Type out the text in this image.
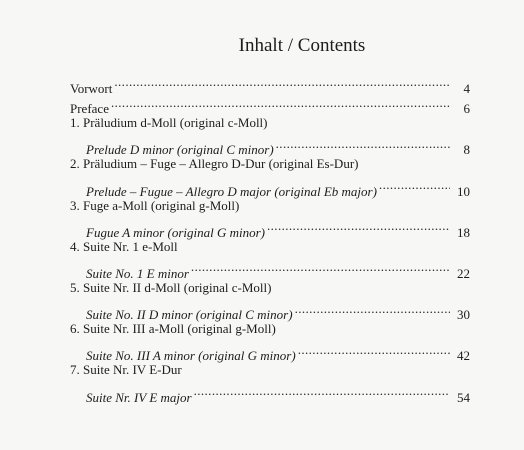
Inhalt / Contents
Vorwort .....	4
Preface .....	6
1. Präludium d-Moll (original c-Moll)
Prelude D minor (original C minor) .....	8
2. Präludium – Fuge – Allegro D-Dur (original Es-Dur)
Prelude – Fugue – Allegro D major (original Eb major) .....	10
3. Fuge a-Moll (original g-Moll)
Fugue A minor (original G minor) .....	18
4. Suite Nr. 1 e-Moll
Suite No. 1 E minor .....	22
5. Suite Nr. II d-Moll (original c-Moll)
Suite No. II D minor (original C minor) .....	30
6. Suite Nr. III a-Moll (original g-Moll)
Suite No. III A minor (original G minor) .....	42
7. Suite Nr. IV E-Dur
Suite Nr. IV E major .....	54
